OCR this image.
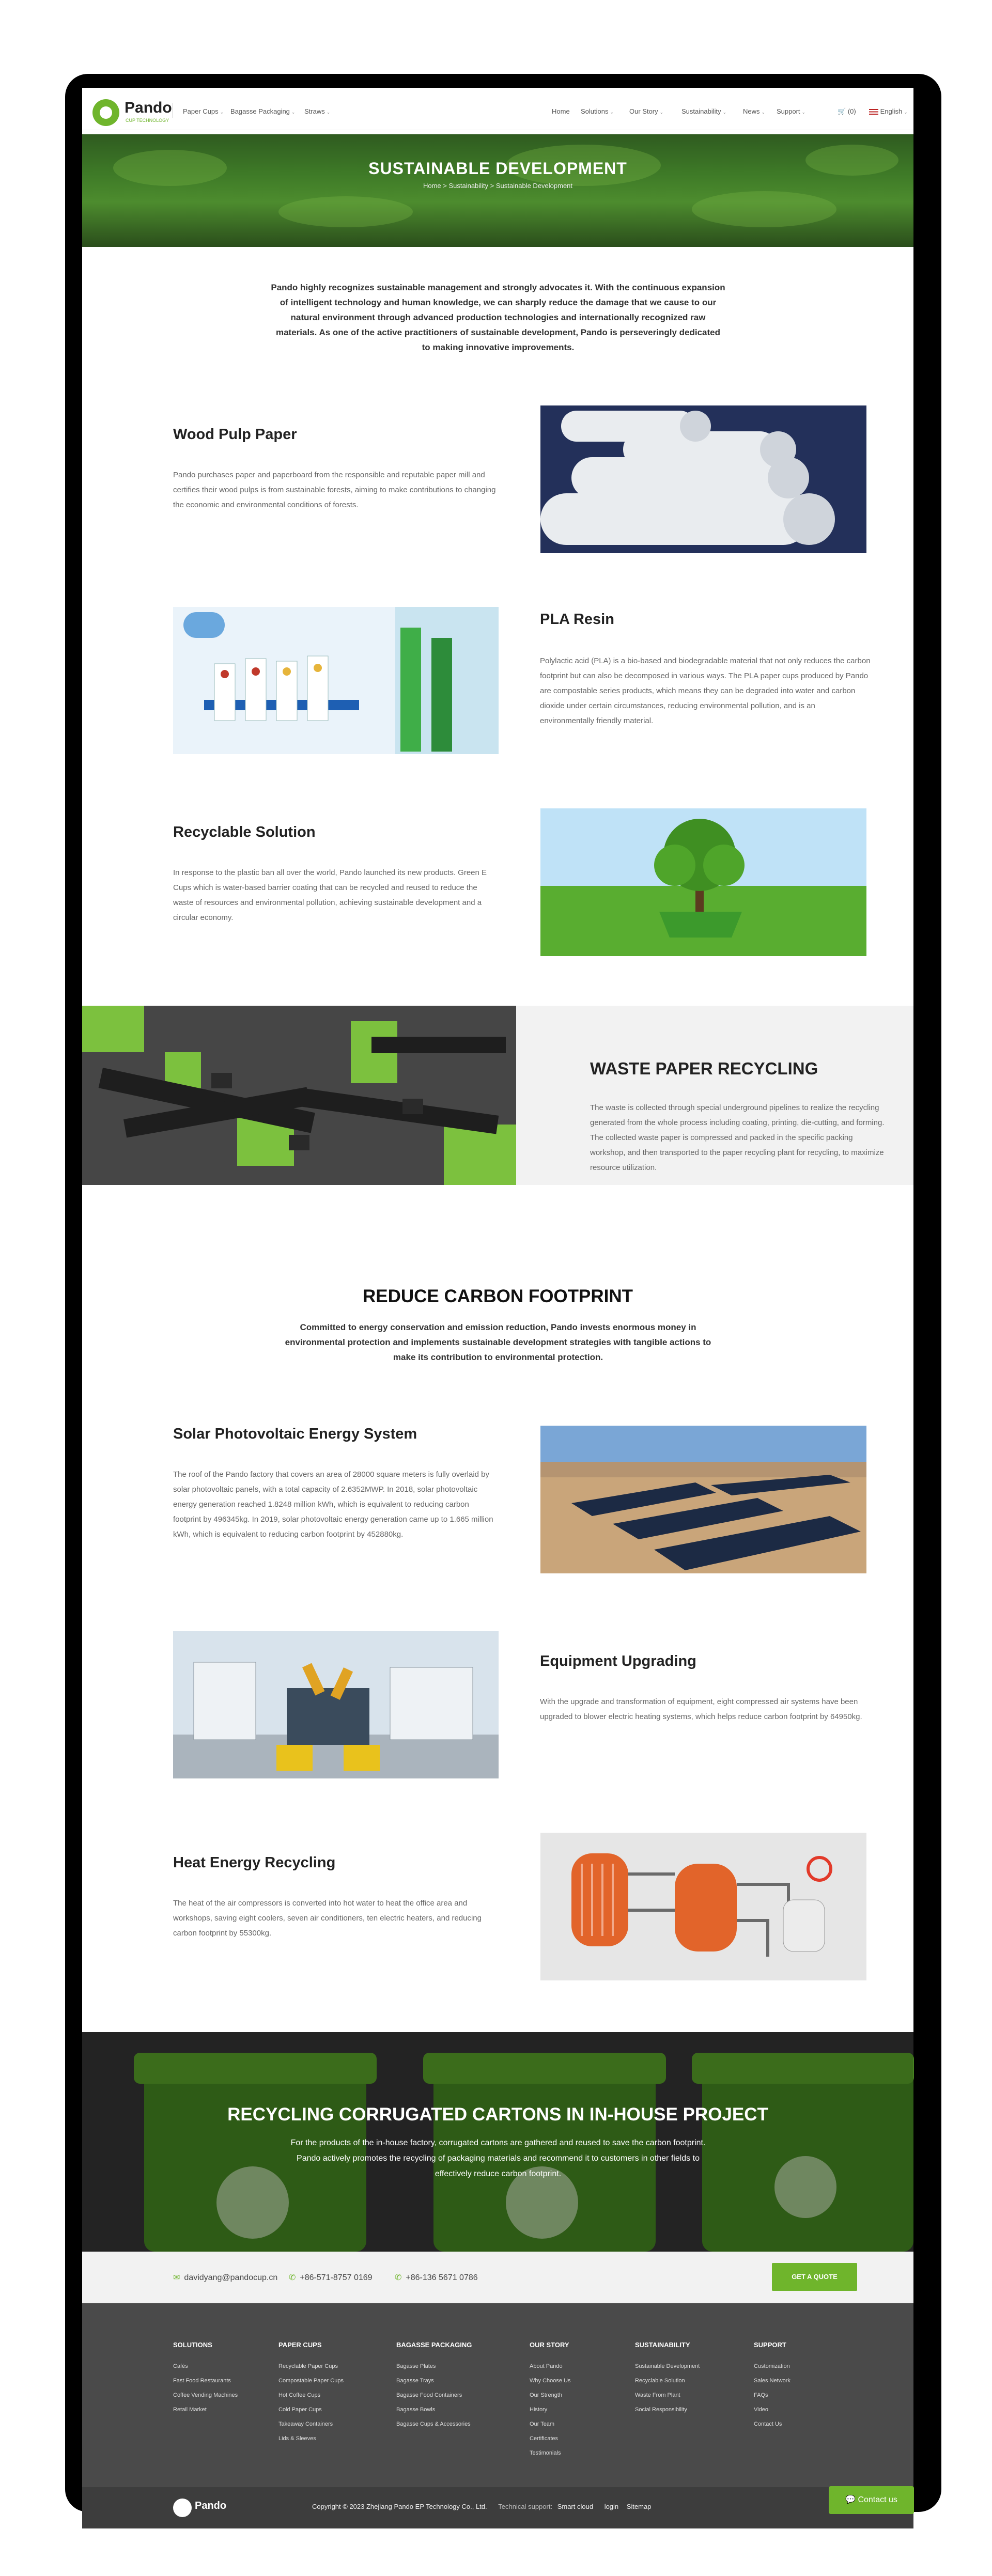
Pando
CUP TECHNOLOGY
Paper Cups ⌄ Bagasse Packaging ⌄ Straws ⌄	Home Solutions ⌄ Our Story ⌄	Sustainability ⌄ News ⌄ Support ⌄	🛒 (0)	English ⌄
SUSTAINABLE DEVELOPMENT
Home > Sustainability > Sustainable Development
Pando highly recognizes sustainable management and strongly advocates it. With the continuous expansion of intelligent technology and human knowledge, we can sharply reduce the damage that we cause to our natural environment through advanced production technologies and internationally recognized raw materials. As one of the active practitioners of sustainable development, Pando is perseveringly dedicated to making innovative improvements.
Wood Pulp Paper
Pando purchases paper and paperboard from the responsible and reputable paper mill and certifies their wood pulps is from sustainable forests, aiming to make contributions to changing the economic and environmental conditions of forests.
PLA Resin
Polylactic acid (PLA) is a bio-based and biodegradable material that not only reduces the carbon footprint but can also be decomposed in various ways. The PLA paper cups produced by Pando are compostable series products, which means they can be degraded into water and carbon dioxide under certain circumstances, reducing environmental pollution, and is an environmentally friendly material.
Recyclable Solution
In response to the plastic ban all over the world, Pando launched its new products. Green E Cups which is water-based barrier coating that can be recycled and reused to reduce the waste of resources and environmental pollution, achieving sustainable development and a circular economy.
WASTE PAPER RECYCLING
The waste is collected through special underground pipelines to realize the recycling generated from the whole process including coating, printing, die-cutting, and forming. The collected waste paper is compressed and packed in the specific packing workshop, and then transported to the paper recycling plant for recycling, to maximize resource utilization.
REDUCE CARBON FOOTPRINT
Committed to energy conservation and emission reduction, Pando invests enormous money in environmental protection and implements sustainable development strategies with tangible actions to make its contribution to environmental protection.
Solar Photovoltaic Energy System
The roof of the Pando factory that covers an area of 28000 square meters is fully overlaid by solar photovoltaic panels, with a total capacity of 2.6352MWP. In 2018, solar photovoltaic energy generation reached 1.8248 million kWh, which is equivalent to reducing carbon footprint by 496345kg. In 2019, solar photovoltaic energy generation came up to 1.665 million kWh, which is equivalent to reducing carbon footprint by 452880kg.
Equipment Upgrading
With the upgrade and transformation of equipment, eight compressed air systems have been upgraded to blower electric heating systems, which helps reduce carbon footprint by 64950kg.
Heat Energy Recycling
The heat of the air compressors is converted into hot water to heat the office area and workshops, saving eight coolers, seven air conditioners, ten electric heaters, and reducing carbon footprint by 55300kg.
RECYCLING CORRUGATED CARTONS IN IN-HOUSE PROJECT

For the products of the in-house factory, corrugated cartons are gathered and reused to save the carbon footprint. Pando actively promotes the recycling of packaging materials and recommend it to customers in other fields to effectively reduce carbon footprint.

✉ davidyang@pandocup.cn ✆ +86-571-8757 0169	✆ +86-136 5671 0786	GET A QUOTE
SOLUTIONS
Cafés
Fast Food Restaurants
Coffee Vending Machines
Retail Market
PAPER CUPS
Recyclable Paper Cups
Compostable Paper Cups
Hot Coffee Cups
Cold Paper Cups
Takeaway Containers
Lids & Sleeves
BAGASSE PACKAGING
Bagasse Plates
Bagasse Trays
Bagasse Food Containers
Bagasse Bowls
Bagasse Cups & Accessories
OUR STORY
About Pando
Why Choose Us
Our Strength
History
Our Team
Certificates
Testimonials
SUSTAINABILITY
Sustainable Development
Recyclable Solution
Waste From Plant
Social Responsibility
SUPPORT
Customization
Sales Network
FAQs
Video
Contact Us
Pando	Copyright © 2023 Zhejiang Pando EP Technology Co., Ltd. Technical support: Smart cloud login Sitemap
💬 Contact us
